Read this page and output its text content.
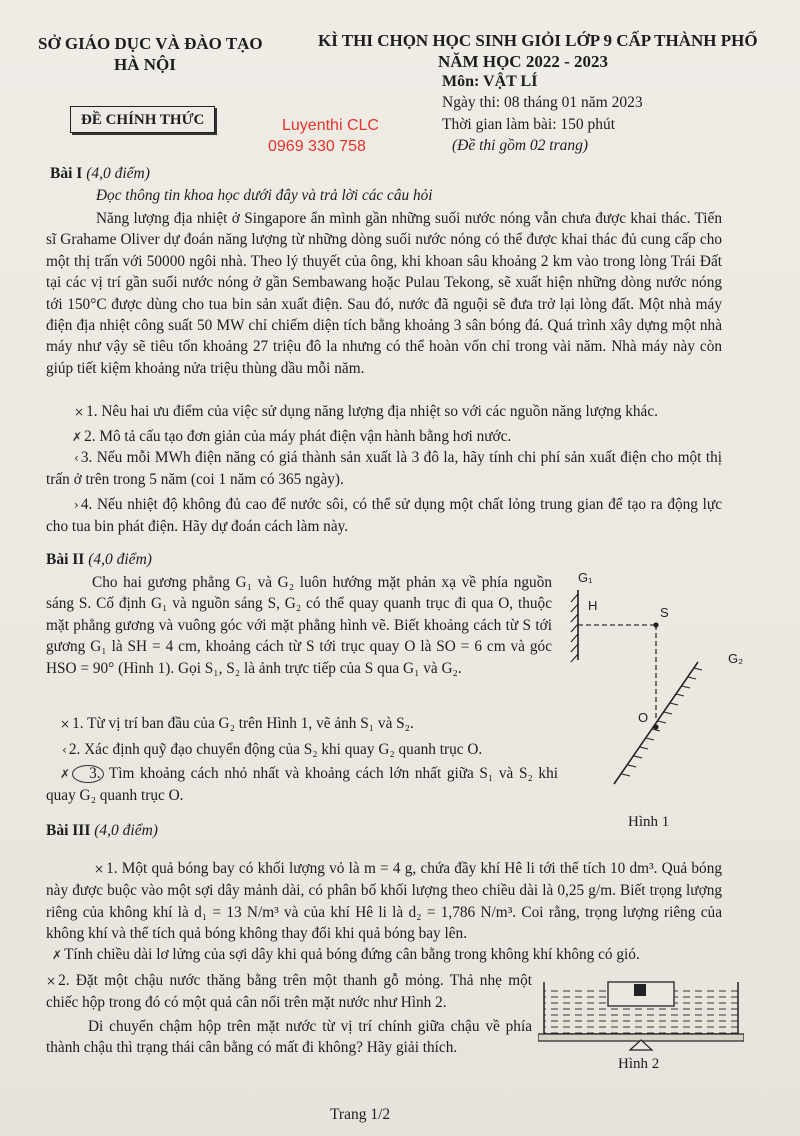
SỞ GIÁO DỤC VÀ ĐÀO TẠO
HÀ NỘI
KÌ THI CHỌN HỌC SINH GIỎI LỚP 9 CẤP THÀNH PHỐ
NĂM HỌC 2022 - 2023
Môn: VẬT LÍ
Ngày thi: 08 tháng 01 năm 2023
Thời gian làm bài: 150 phút
(Đề thi gồm 02 trang)
ĐỀ CHÍNH THỨC	Luyenthi CLC
0969 330 758
Bài I (4,0 điểm)
Đọc thông tin khoa học dưới đây và trả lời các câu hỏi
Năng lượng địa nhiệt ở Singapore ẩn mình gần những suối nước nóng vẫn chưa được khai thác. Tiến sĩ Grahame Oliver dự đoán năng lượng từ những dòng suối nước nóng có thể được khai thác đủ cung cấp cho một thị trấn với 50000 ngôi nhà. Theo lý thuyết của ông, khi khoan sâu khoảng 2 km vào trong lòng Trái Đất tại các vị trí gần suối nước nóng ở gần Sembawang hoặc Pulau Tekong, sẽ xuất hiện những dòng nước nóng tới 150°C được dùng cho tua bin sản xuất điện. Sau đó, nước đã nguội sẽ đưa trở lại lòng đất. Một nhà máy điện địa nhiệt công suất 50 MW chỉ chiếm diện tích bằng khoảng 3 sân bóng đá. Quá trình xây dựng một nhà máy như vậy sẽ tiêu tốn khoảng 27 triệu đô la nhưng có thể hoàn vốn chỉ trong vài năm. Nhà máy này còn giúp tiết kiệm khoảng nửa triệu thùng dầu mỗi năm.
× 1. Nêu hai ưu điểm của việc sử dụng năng lượng địa nhiệt so với các nguồn năng lượng khác.
✗ 2. Mô tả cấu tạo đơn giản của máy phát điện vận hành bằng hơi nước.
‹ 3. Nếu mỗi MWh điện năng có giá thành sản xuất là 3 đô la, hãy tính chi phí sản xuất điện cho một thị trấn ở trên trong 5 năm (coi 1 năm có 365 ngày).
› 4. Nếu nhiệt độ không đủ cao để nước sôi, có thể sử dụng một chất lỏng trung gian để tạo ra động lực cho tua bin phát điện. Hãy dự đoán cách làm này.
Bài II (4,0 điểm)
Cho hai gương phẳng G₁ và G₂ luôn hướng mặt phản xạ về phía nguồn sáng S. Cố định G₁ và nguồn sáng S, G₂ có thể quay quanh trục đi qua O, thuộc mặt phẳng gương và vuông góc với mặt phẳng hình vẽ. Biết khoảng cách từ S tới gương G₁ là SH = 4 cm, khoảng cách từ S tới trục quay O là SO = 6 cm và góc HSO = 90° (Hình 1). Gọi S₁, S₂ là ảnh trực tiếp của S qua G₁ và G₂.
× 1. Từ vị trí ban đầu của G₂ trên Hình 1, vẽ ảnh S₁ và S₂.
‹ 2. Xác định quỹ đạo chuyển động của S₂ khi quay G₂ quanh trục O.
✗ 3. Tìm khoảng cách nhỏ nhất và khoảng cách lớn nhất giữa S₁ và S₂ khi quay G₂ quanh trục O.
G₁
H	S
G₂
O
Hình 1
Bài III (4,0 điểm)
× 1. Một quả bóng bay có khối lượng vỏ là m = 4 g, chứa đầy khí Hê li tới thể tích 10 dm³. Quả bóng này được buộc vào một sợi dây mảnh dài, có phân bố khối lượng theo chiều dài là 0,25 g/m. Biết trọng lượng riêng của không khí là d₁ = 13 N/m³ và của khí Hê li là d₂ = 1,786 N/m³. Coi rằng, trọng lượng riêng của không khí và thể tích quả bóng không thay đổi khi quả bóng bay lên.
✗ Tính chiều dài lơ lửng của sợi dây khi quả bóng đứng cân bằng trong không khí không có gió.
× 2. Đặt một chậu nước thăng bằng trên một thanh gỗ mỏng. Thả nhẹ một chiếc hộp trong đó có một quả cân nổi trên mặt nước như Hình 2.
Di chuyển chậm hộp trên mặt nước từ vị trí chính giữa chậu về phía thành chậu thì trạng thái cân bằng có mất đi không? Hãy giải thích.
Hình 2
Trang 1/2
